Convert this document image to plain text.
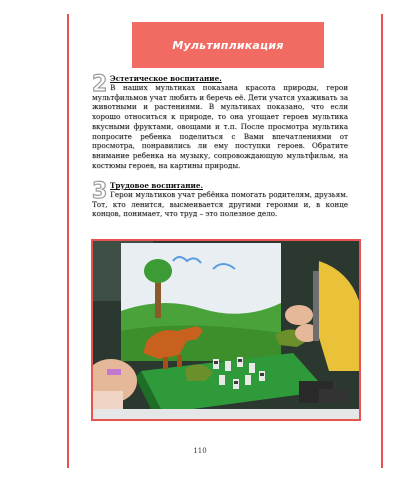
Мультипликация
2 Эстетическое воспитание.
В наших мультиках показана красота природы, герои мультфильмов учат любить и беречь её. Дети учатся ухаживать за животными и растениями. В мультиках показано, что если хорошо относиться к природе, то она угощает героев мультика вкусными фруктами, овощами и т.п. После просмотра мультика попросите ребенка поделиться с Вами впечатлениями от просмотра, понравились ли ему поступки героев. Обратите внимание ребенка на музыку, сопровождающую мультфильм, на костюмы героев, на картины природы.
3 Трудовое воспитание.
Герои мультиков учат ребёнка помогать родителям, друзьям. Тот, кто ленится, высмеивается другими героями и, в конце концов, понимает, что труд – это полезное дело.
110
